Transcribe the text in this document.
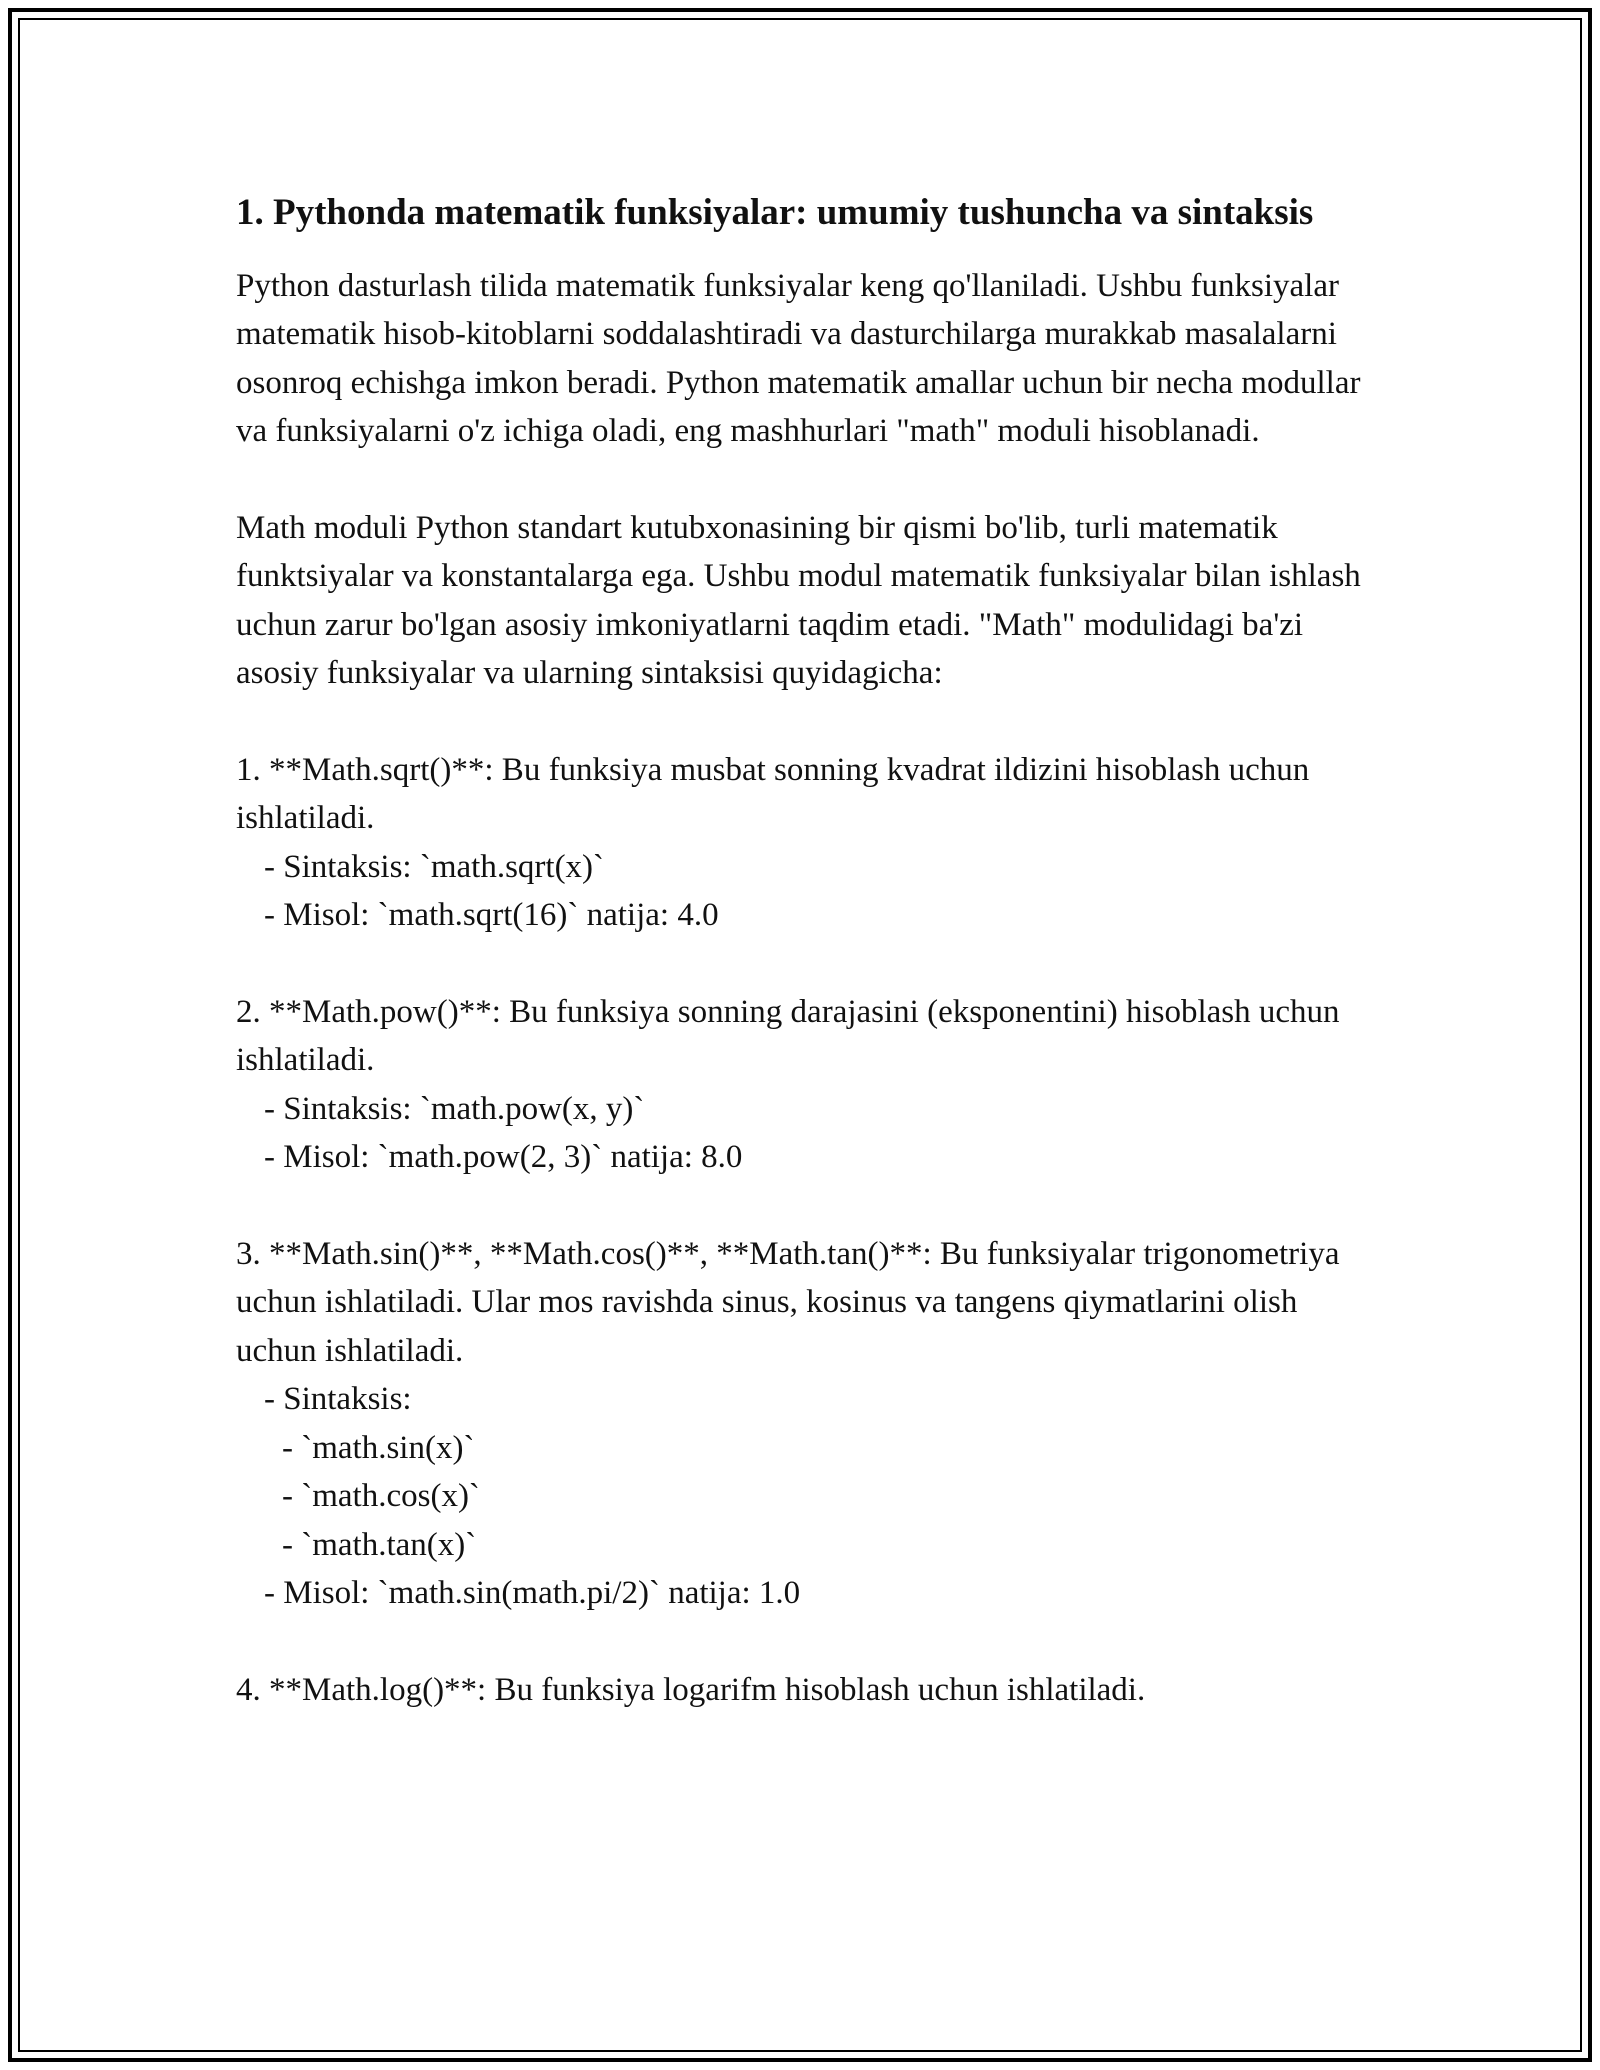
1. Pythonda matematik funksiyalar: umumiy tushuncha va sintaksis

Python dasturlash tilida matematik funksiyalar keng qo'llaniladi. Ushbu funksiyalar matematik hisob-kitoblarni soddalashtiradi va dasturchilarga murakkab masalalarni osonroq echishga imkon beradi. Python matematik amallar uchun bir necha modullar va funksiyalarni o'z ichiga oladi, eng mashhurlari "math" moduli hisoblanadi.

Math moduli Python standart kutubxonasining bir qismi bo'lib, turli matematik funktsiyalar va konstantalarga ega. Ushbu modul matematik funksiyalar bilan ishlash uchun zarur bo'lgan asosiy imkoniyatlarni taqdim etadi. "Math" modulidagi ba'zi asosiy funksiyalar va ularning sintaksisi quyidagicha:

1. **Math.sqrt()**: Bu funksiya musbat sonning kvadrat ildizini hisoblash uchun ishlatiladi.

- Sintaksis: `math.sqrt(x)`
- Misol: `math.sqrt(16)` natija: 4.0

2. **Math.pow()**: Bu funksiya sonning darajasini (eksponentini) hisoblash uchun ishlatiladi.

- Sintaksis: `math.pow(x, y)`
- Misol: `math.pow(2, 3)` natija: 8.0

3. **Math.sin()**, **Math.cos()**, **Math.tan()**: Bu funksiyalar trigonometriya uchun ishlatiladi. Ular mos ravishda sinus, kosinus va tangens qiymatlarini olish uchun ishlatiladi.

- Sintaksis:
- `math.sin(x)`
- `math.cos(x)`
- `math.tan(x)`
- Misol: `math.sin(math.pi/2)` natija: 1.0

4. **Math.log()**: Bu funksiya logarifm hisoblash uchun ishlatiladi.
